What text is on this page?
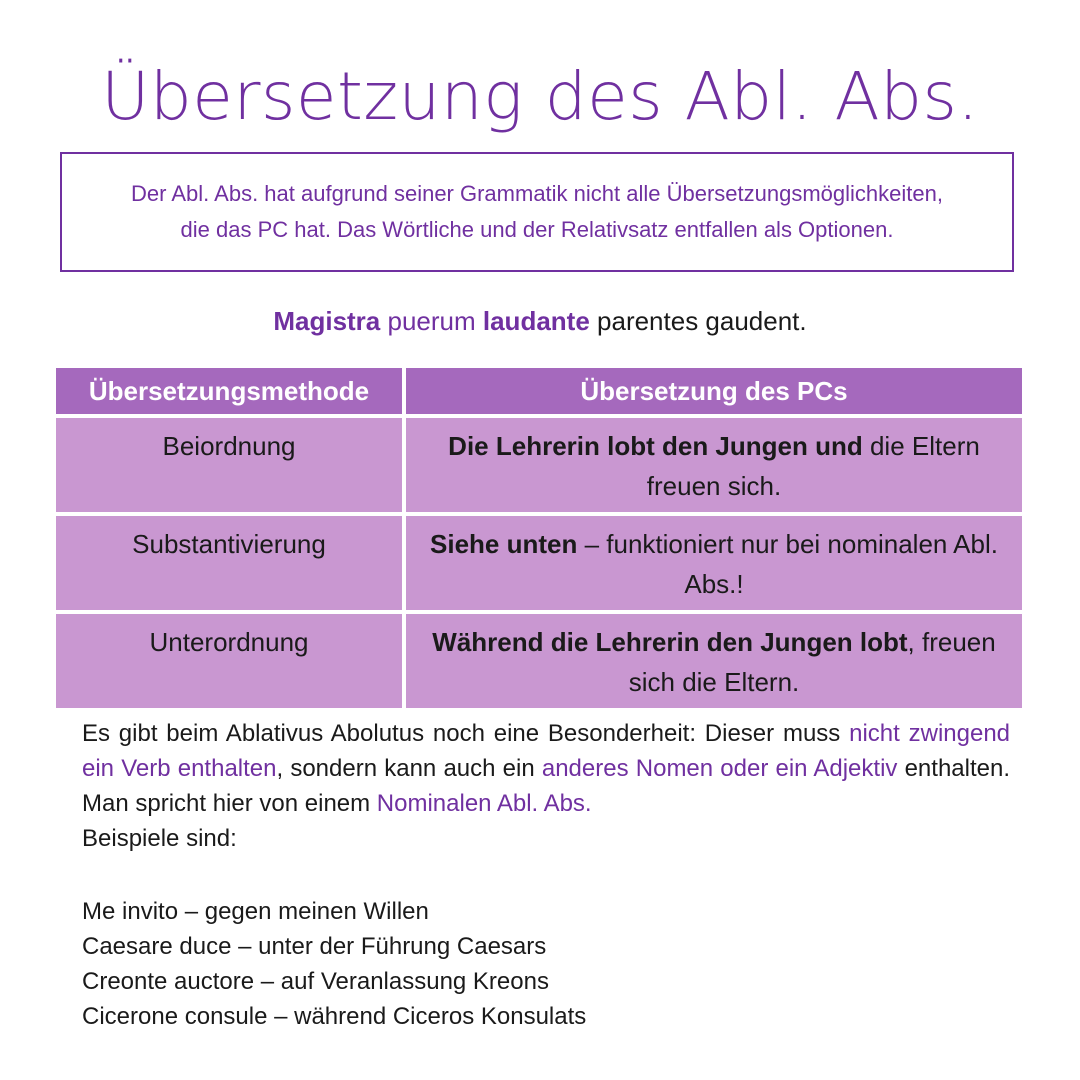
Übersetzung des Abl. Abs.

Der Abl. Abs. hat aufgrund seiner Grammatik nicht alle Übersetzungsmöglichkeiten, die das PC hat. Das Wörtliche und der Relativsatz entfallen als Optionen.

Magistra puerum laudante parentes gaudent.
Übersetzungsmethode	Übersetzung des PCs
Beiordnung	Die Lehrerin lobt den Jungen und die Eltern freuen sich.
Substantivierung	Siehe unten – funktioniert nur bei nominalen Abl. Abs.!
Unterordnung	Während die Lehrerin den Jungen lobt, freuen sich die Eltern.
Es gibt beim Ablativus Abolutus noch eine Besonderheit: Dieser muss nicht zwingend ein Verb enthalten, sondern kann auch ein anderes Nomen oder ein Adjektiv enthalten. Man spricht hier von einem Nominalen Abl. Abs.
Beispiele sind:
Me invito – gegen meinen Willen
Caesare duce – unter der Führung Caesars
Creonte auctore – auf Veranlassung Kreons
Cicerone consule – während Ciceros Konsulats
